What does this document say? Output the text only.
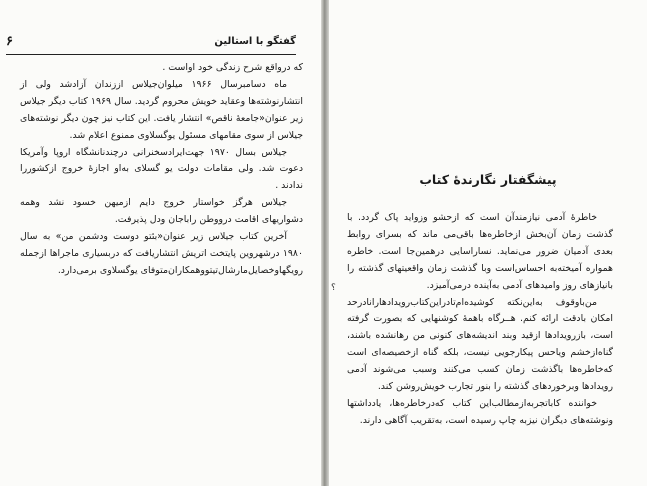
گفتگو با استالین
۶

که درواقع شرح زندگی خود اواست .

ماه دسامبرسال ۱۹۶۶ میلوان‌جیلاس اززندان آزادشد ولی از انتشارنوشته‌ها وعقاید خویش محروم گردید. سال ۱۹۶۹ کتاب دیگر جیلاس زیر عنوان«جامعهٔ ناقص» انتشار یافت. این کتاب نیز چون دیگر نوشته‌های جیلاس از سوی مقامهای مسئول یوگسلاوی ممنوع اعلام شد.

جیلاس بسال ۱۹۷۰ جهت‌ایرادسخنرانی درچندنانشگاه اروپا وآمریکا دعوت شد. ولی مقامات دولت یو گسلای به‌او اجازهٔ خروج ازکشوررا ندادند .

جیلاس هرگز خواستار خروج دایم ازمیهن خسود نشد وهمه دشواریهای اقامت درووطن راباجان ودل پذیرفت.

آخرین کتاب جیلاس زیر عنوان«بئتو دوست ودشمن من» به سال ۱۹۸۰ درشهروین پایتخت اتریش انتشاریافت که دربسیاری ماجراها ازجمله رویگهاوخصایل‌مارشال‌تیتووهمکاران‌متوفای یوگسلاوی برمی‌دارد.

پیشگفتار نگارندهٔ کتاب
؟

خاطرهٔ آدمی نیازمندآن است که ازحشو وزواید پاک گردد. با گذشت زمان آن‌بخش ازخاطره‌ها باقی‌می ماند که بسرای روابط بعدی آدمیان ضرور می‌نماید. نساراسایی درهمین‌جا است. خاطره همواره آمیخته‌به احساس‌است وبا گذشت زمان واقعیتهای گذشته را بانیازهای روز وامیدهای آدمی به‌آینده درمی‌آمیزد.

من‌باوقوف به‌این‌نکته کوشیده‌ام‌تادراین‌کتاب‌رویدادهارانادرحد امکان بادقت ارائه کنم. هــرگاه باهمهٔ کوشنهایی که بصورت گرفته است، بازرویدادها ازقید وبند اندیشه‌های کنونی من رهانشده باشند، گناه‌ازخشم ویاحس پیکارجویی نیست، بلکه گناه ازخصیصه‌ای است که‌خاطره‌ها باگذشت زمان کسب می‌کنند وسبب می‌شوند آدمی رویدادها وبرخوردهای گذشته را بنور تجارب خویش‌روشن کند.

خواننده کاباتجربه‌ازمطالب‌این کتاب که‌درخاطره‌ها، یادداشتها ونوشته‌های دیگران نیزبه چاپ رسیده است، به‌تقریب آگاهی دارند.
